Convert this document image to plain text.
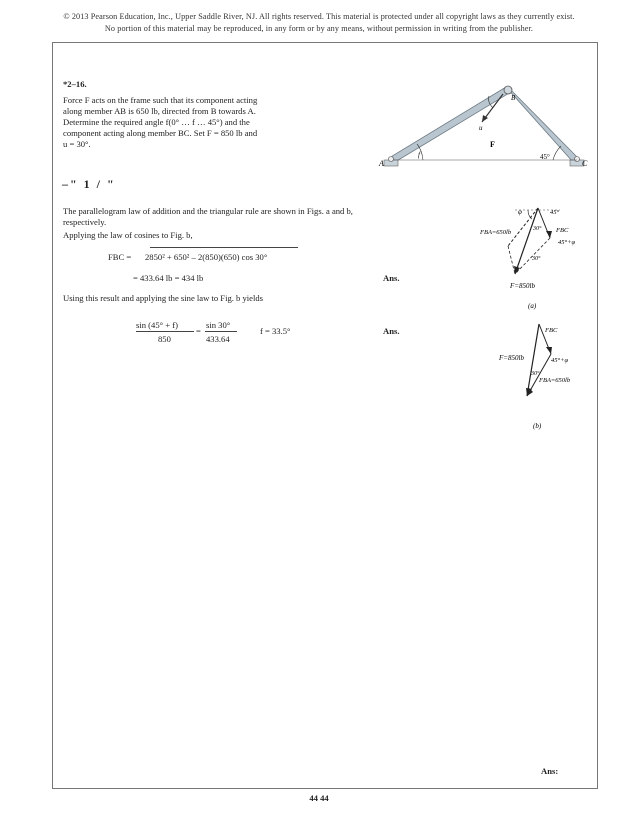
© 2013 Pearson Education, Inc., Upper Saddle River, NJ. All rights reserved. This material is protected under all copyright laws as they currently exist.
No portion of this material may be reproduced, in any form or by any means, without permission in writing from the publisher.
*2–16.
Force F acts on the frame such that its component acting
along member AB is 650 lb, directed from B towards A.
Determine the required angle f(0° … f … 45°) and the
component acting along member BC. Set F = 850 lb and
u = 30°.
A
B
C
u
F
f	45°
–" 1 / "
The parallelogram law of addition and the triangular rule are shown in Figs. a and b,
respectively.
Applying the law of cosines to Fig. b,
FBC = 2850² + 650² – 2(850)(650) cos 30°
= 433.64 lb = 434 lb	Ans.
Using this result and applying the sine law to Fig. b yields
sin (45° + f)
850
=
sin 30°
433.64
f = 33.5°	Ans.
φ	45°
FBA=650lb	30° FBC
45°+φ
30°
F=850lb
(a)
FBC
F=850lb	45°+φ
30°
FBA=650lb
(b)
Ans:
44 44
